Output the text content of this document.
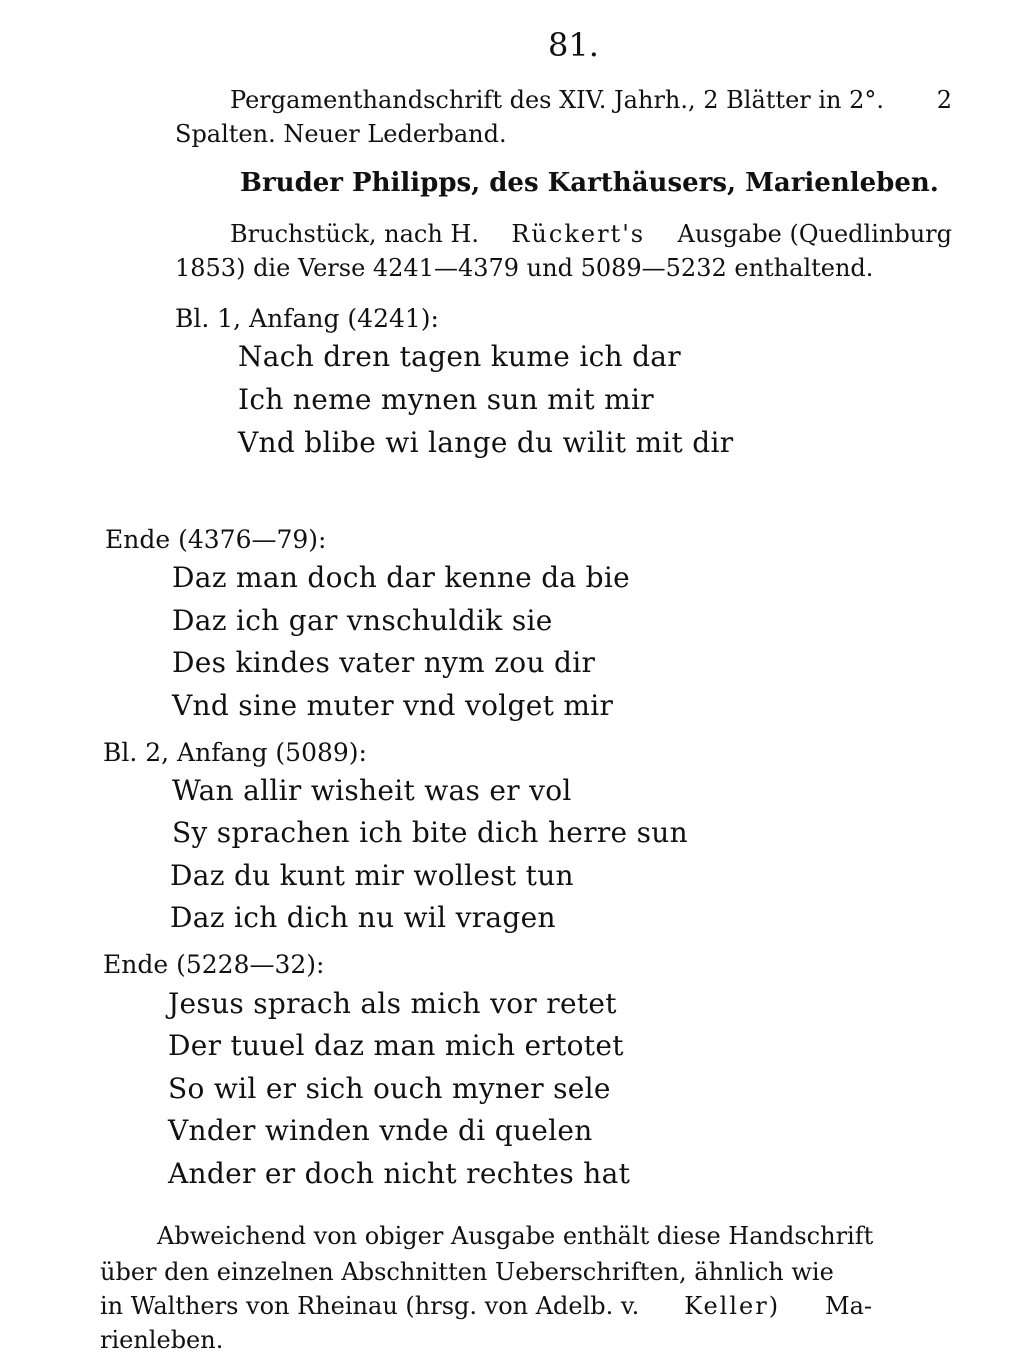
81.
Pergamenthandschrift des XIV. Jahrh., 2 Blätter in 2°. 2
Spalten. Neuer Lederband.
Bruder Philipps, des Karthäusers, Marienleben.
Bruchstück, nach H. Rückert's Ausgabe (Quedlinburg
1853) die Verse 4241—4379 und 5089—5232 enthaltend.
Bl. 1, Anfang (4241):
Nach dren tagen kume ich dar
Ich neme mynen sun mit mir
Vnd blibe wi lange du wilit mit dir
Ende (4376—79):
Daz man doch dar kenne da bie
Daz ich gar vnschuldik sie
Des kindes vater nym zou dir
Vnd sine muter vnd volget mir
Bl. 2, Anfang (5089):
Wan allir wisheit was er vol
Sy sprachen ich bite dich herre sun
Daz du kunt mir wollest tun
Daz ich dich nu wil vragen
Ende (5228—32):
Jesus sprach als mich vor retet
Der tuuel daz man mich ertotet
So wil er sich ouch myner sele
Vnder winden vnde di quelen
Ander er doch nicht rechtes hat
Abweichend von obiger Ausgabe enthält diese Handschrift
über den einzelnen Abschnitten Ueberschriften, ähnlich wie
in Walthers von Rheinau (hrsg. von Adelb. v. Keller) Ma-
rienleben.
